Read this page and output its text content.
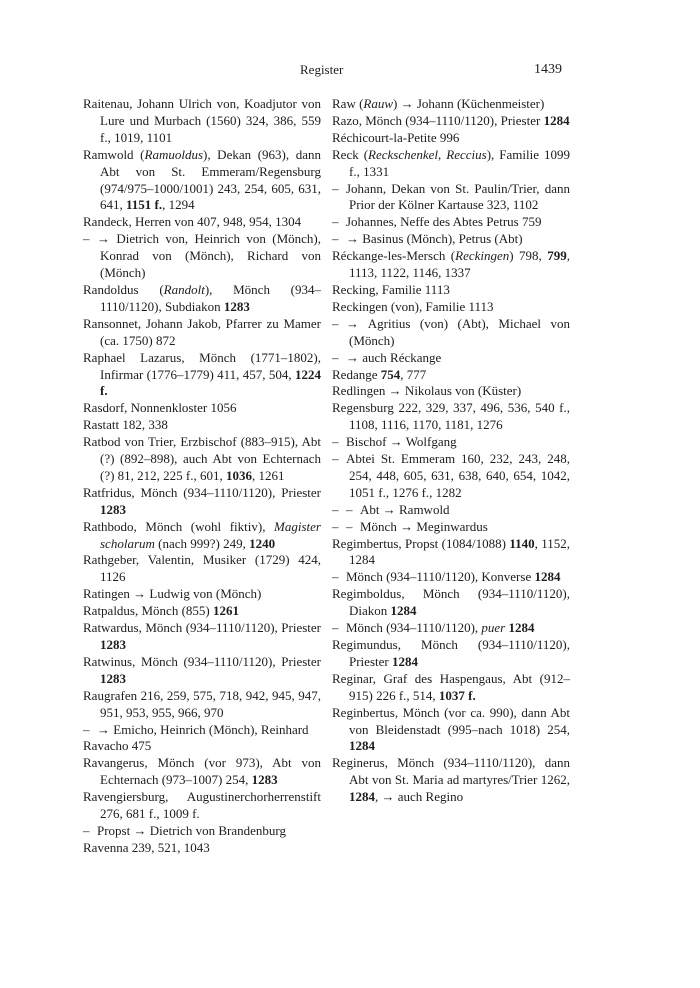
Register	1439

Raitenau, Johann Ulrich von, Koadjutor von Lure und Murbach (1560) 324, 386, 559 f., 1019, 1101

Ramwold (Ramuoldus), Dekan (963), dann Abt von St. Emmeram/Regensburg (974/975–1000/1001) 243, 254, 605, 631, 641, 1151 f., 1294

Randeck, Herren von 407, 948, 954, 1304

– → Dietrich von, Heinrich von (Mönch), Konrad von (Mönch), Richard von (Mönch)

Randoldus (Randolt), Mönch (934–1110/1120), Subdiakon 1283

Ransonnet, Johann Jakob, Pfarrer zu Mamer (ca. 1750) 872

Raphael Lazarus, Mönch (1771–1802), Infirmar (1776–1779) 411, 457, 504, 1224 f.

Rasdorf, Nonnenkloster 1056

Rastatt 182, 338

Ratbod von Trier, Erzbischof (883–915), Abt (?) (892–898), auch Abt von Echternach (?) 81, 212, 225 f., 601, 1036, 1261

Ratfridus, Mönch (934–1110/1120), Priester 1283

Rathbodo, Mönch (wohl fiktiv), Magister scholarum (nach 999?) 249, 1240

Rathgeber, Valentin, Musiker (1729) 424, 1126

Ratingen → Ludwig von (Mönch)

Ratpaldus, Mönch (855) 1261

Ratwardus, Mönch (934–1110/1120), Priester 1283

Ratwinus, Mönch (934–1110/1120), Priester 1283

Raugrafen 216, 259, 575, 718, 942, 945, 947, 951, 953, 955, 966, 970

– → Emicho, Heinrich (Mönch), Reinhard

Ravacho 475

Ravangerus, Mönch (vor 973), Abt von Echternach (973–1007) 254, 1283

Ravengiersburg, Augustinerchorherrenstift 276, 681 f., 1009 f.

– Propst → Dietrich von Brandenburg

Ravenna 239, 521, 1043

Raw (Rauw) → Johann (Küchenmeister)

Razo, Mönch (934–1110/1120), Priester 1284

Réchicourt-la-Petite 996

Reck (Reckschenkel, Reccius), Familie 1099 f., 1331

– Johann, Dekan von St. Paulin/Trier, dann Prior der Kölner Kartause 323, 1102

– Johannes, Neffe des Abtes Petrus 759

– → Basinus (Mönch), Petrus (Abt)

Réckange-les-Mersch (Reckingen) 798, 799, 1113, 1122, 1146, 1337

Recking, Familie 1113

Reckingen (von), Familie 1113

– → Agritius (von) (Abt), Michael von (Mönch)

– → auch Réckange

Redange 754, 777

Redlingen → Nikolaus von (Küster)

Regensburg 222, 329, 337, 496, 536, 540 f., 1108, 1116, 1170, 1181, 1276

– Bischof → Wolfgang

– Abtei St. Emmeram 160, 232, 243, 248, 254, 448, 605, 631, 638, 640, 654, 1042, 1051 f., 1276 f., 1282

– – Abt → Ramwold

– – Mönch → Meginwardus

Regimbertus, Propst (1084/1088) 1140, 1152, 1284

– Mönch (934–1110/1120), Konverse 1284

Regimboldus, Mönch (934–1110/1120), Diakon 1284

– Mönch (934–1110/1120), puer 1284

Regimundus, Mönch (934–1110/1120), Priester 1284

Reginar, Graf des Haspengaus, Abt (912–915) 226 f., 514, 1037 f.

Reginbertus, Mönch (vor ca. 990), dann Abt von Bleidenstadt (995–nach 1018) 254, 1284

Reginerus, Mönch (934–1110/1120), dann Abt von St. Maria ad martyres/Trier 1262, 1284, → auch Regino
